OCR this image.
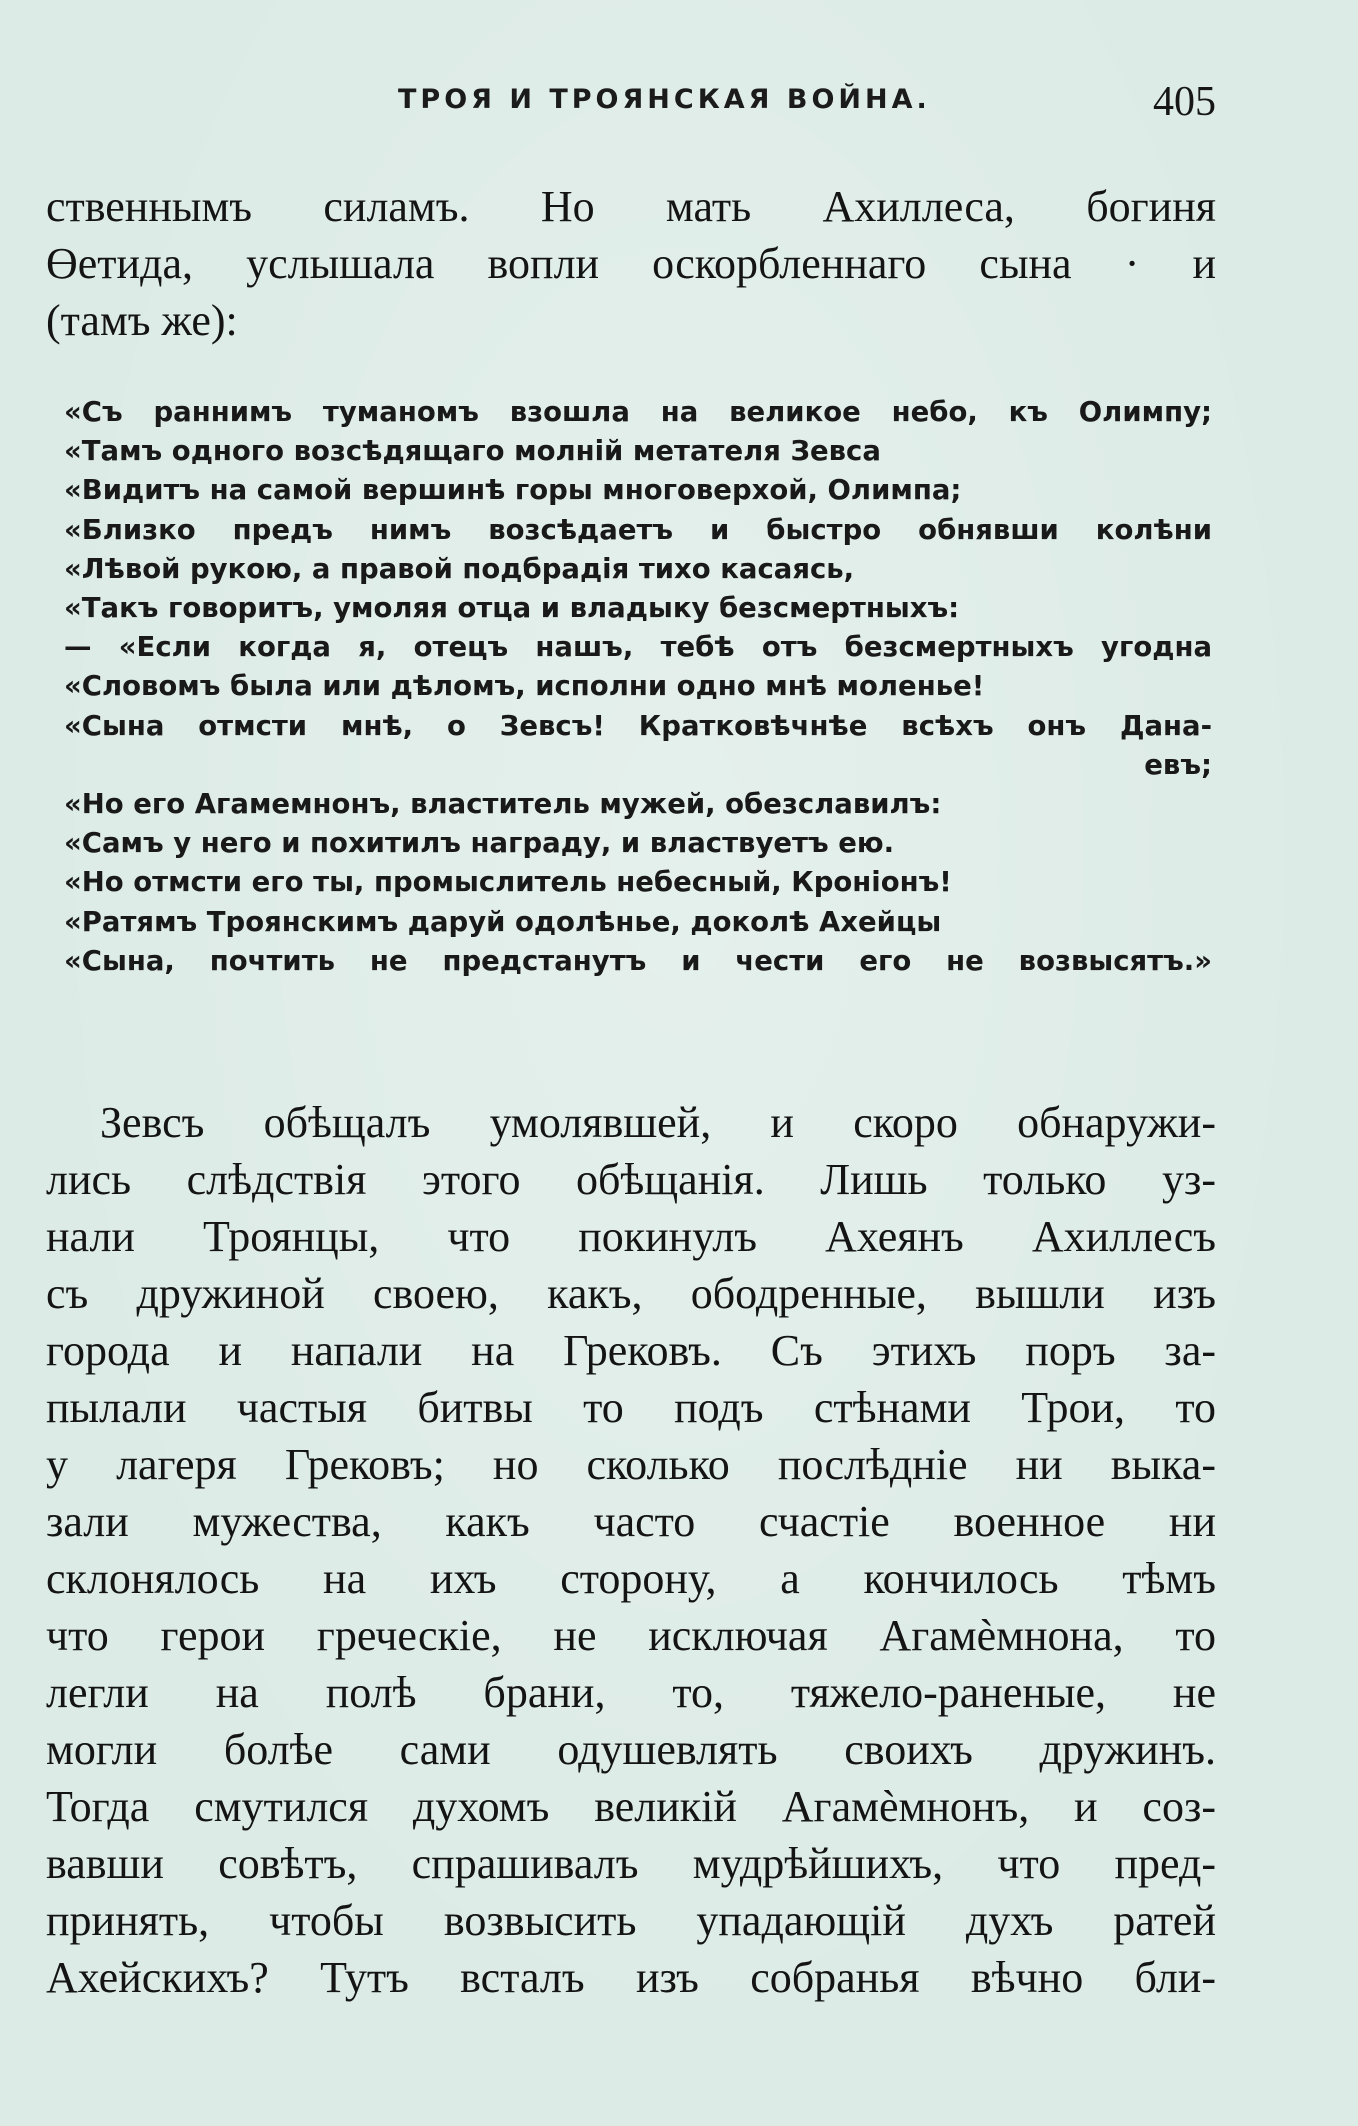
ТРОЯ И ТРОЯНСКАЯ ВОЙНА.	405
ственнымъ силамъ. Но мать Ахиллеса, богиня
Өетида, услышала вопли оскорбленнаго сына · и
(тамъ же):
«Съ раннимъ туманомъ взошла на великое небо, къ Олимпу;
«Тамъ одного возсѣдящаго молній метателя Зевса
«Видитъ на самой вершинѣ горы многоверхой, Олимпа;
«Близко предъ нимъ возсѣдаетъ и быстро обнявши колѣни
«Лѣвой рукою, а правой подбрадія тихо касаясь,
«Такъ говоритъ, умоляя отца и владыку безсмертныхъ:
— «Если когда я, отецъ нашъ, тебѣ отъ безсмертныхъ угодна
«Словомъ была или дѣломъ, исполни одно мнѣ моленье!
«Сына отмсти мнѣ, о Зевсъ! Кратковѣчнѣе всѣхъ онъ Дана-
евъ;
«Но его Агамемнонъ, властитель мужей, обезславилъ:
«Самъ у него и похитилъ награду, и властвуетъ ею.
«Но отмсти его ты, промыслитель небесный, Кроніонъ!
«Ратямъ Троянскимъ даруй одолѣнье, доколѣ Ахейцы
«Сына, почтить не предстанутъ и чести его не возвысятъ.»
Зевсъ обѣщалъ умолявшей, и скоро обнаружи-
лись слѣдствія этого обѣщанія. Лишь только уз-
нали Троянцы, что покинулъ Ахеянъ Ахиллесъ
съ дружиной своею, какъ, ободренные, вышли изъ
города и напали на Грековъ. Съ этихъ поръ за-
пылали частыя битвы то подъ стѣнами Трои, то
у лагеря Грековъ; но сколько послѣдніе ни выка-
зали мужества, какъ часто счастіе военное ни
склонялось на ихъ сторону, а кончилось тѣмъ
что герои греческіе, не исключая Агамѐмнона, то
легли на полѣ брани, то, тяжело-раненые, не
могли болѣе сами одушевлять своихъ дружинъ.
Тогда смутился духомъ великій Агамѐмнонъ, и соз-
вавши совѣтъ, спрашивалъ мудрѣйшихъ, что пред-
принять, чтобы возвысить упадающій духъ ратей
Ахейскихъ? Тутъ всталъ изъ собранья вѣчно бли-
